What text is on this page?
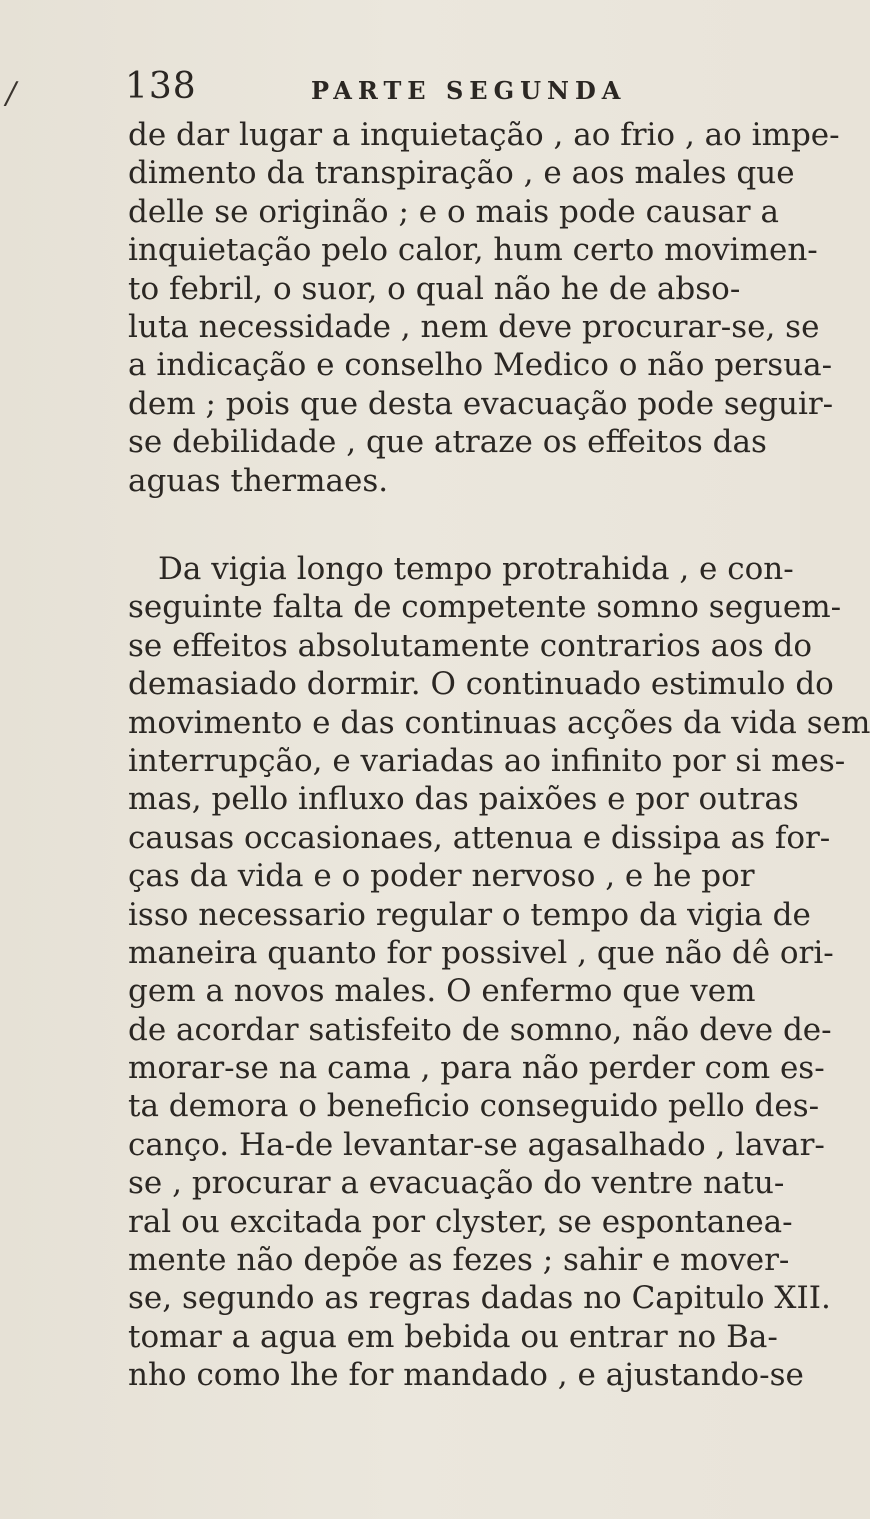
138	PARTE SEGUNDA
/
de dar lugar a inquietação , ao frio , ao impe-
dimento da transpiração , e aos males que
delle se originão ; e o mais pode causar a
inquietação pelo calor, hum certo movimen-
to febril, o suor, o qual não he de abso-
luta necessidade , nem deve procurar-se, se
a indicação e conselho Medico o não persua-
dem ; pois que desta evacuação pode seguir-
se debilidade , que atraze os effeitos das
aguas thermaes.
Da vigia longo tempo protrahida , e con-
seguinte falta de competente somno seguem-
se effeitos absolutamente contrarios aos do
demasiado dormir. O continuado estimulo do
movimento e das continuas acções da vida sem
interrupção, e variadas ao infinito por si mes-
mas, pello influxo das paixões e por outras
causas occasionaes, attenua e dissipa as for-
ças da vida e o poder nervoso , e he por
isso necessario regular o tempo da vigia de
maneira quanto for possivel , que não dê ori-
gem a novos males. O enfermo que vem
de acordar satisfeito de somno, não deve de-
morar-se na cama , para não perder com es-
ta demora o beneficio conseguido pello des-
canço. Ha-de levantar-se agasalhado , lavar-
se , procurar a evacuação do ventre natu-
ral ou excitada por clyster, se espontanea-
mente não depõe as fezes ; sahir e mover-
se, segundo as regras dadas no Capitulo XII.
tomar a agua em bebida ou entrar no Ba-
nho como lhe for mandado , e ajustando-se
